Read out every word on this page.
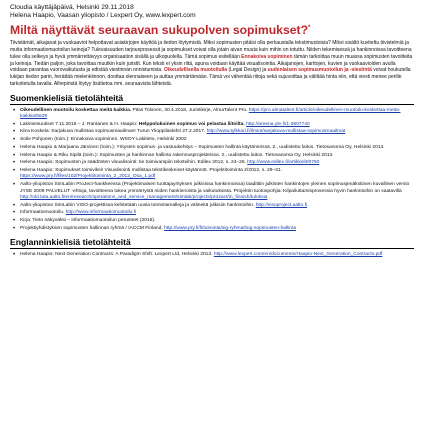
Cloudia käyttäjäpäivä, Helsinki 29.11.2018
Helena Haapio, Vaasan yliopisto / Lexpert Oy, www.lexpert.com
Miltä näyttävät seuraavan sukupolven sopimukset?*
Tiivistämät, aikajanat ja vuokaaviot helpottavat asiakirjojen käyttöä ja tiedon löytymistä. Miksi sopimusten pitäisi olla perkaustalla tekstimuotoisia? Miksi sisältö kuvitettu tiivistelmiä ja muita informaatiomuotoilun keinoja? Tulevaisuuden tarjousprosessit ja sopimukset voivat olla jotain aivan muuta kuin mihin on totuttu. Niiden tekemisessä ja hankinnoissa tavoitteena tulee olla selkeys ja hyvä ymmärrettävyys organisaation sisällä ja ulkopuolella. Tämä sopimus esitellään Ennakoiva sopiminen tämän tarkoittaa muun muassa sopimusten tavoitteita ja keinoja. Tiedän paljon, joka tavoittaa muutkin kuin juristit. Kun teksti ei yksin riitä, apuna voidaan käyttää visualisointia. Aikajanojen, karttojen, kuvien ja vuokaavioiden avulla voidaan parantaa vuorovaikutusta ja edistää viestinnän onnistumista. Oikeudellisella muotoilulla (Legal Design) ja uudenlaisen sopimusmuotoilun ja -viestintä voivat houkutella lukijan tiedon parin, herättää mielenkiinnon, doottaa olennaiseen ja auttaa ymmärtämään. Tämä voi vähentää riitoja sekä sujuvoittaa ja välittää hinta niin, että viesti menee perille tarkoitetulla tavalla. Alhepiristä löytyy lisätietoa mm. seuraavista lähteistä.
Suomenkielisiä tietolähteitä
• Oikeudellinen muotoilu koskettaa meitä kaikkia. Päivi Tolonen, 30.4.2018, Juristikirje, AlmaTalent Pro. https://pro.almatalent.fi/article/oikeudellinen-muotoilu-koskettaa-meita-kaikkia/5639
• Lakimiesuutiset 7.11.2016 – J. Rantanen & H. Haapio: Helppolukuinen sopimus voi pelastaa liitoilta. http://areena.yle.fi/1-3807740
• Kiira Koskela: Sarjakuva mullistaa sopimusmaailman! Turun Ylioppilaslehti 27.2.2017. http://www.tylkkari.fi/ilmiot/sarjakuva-mullistaa-sopimusmaailmat
• Soile Pohjonen (toim.): Ennakoiva sopiminen. WSOY Lakitieto, Helsinki 2002
• Helena Haapio & Marjaana Järvinen (toim.): Yritysten sopimus- ja vastuukehitys – Sopimusten hallinta käytännössä. 2., uudistettu laitos. Tietosanoma Oy, Helsinki 2014.
• Helena Haapio & Riku Sipilä (toim.): Sopimusten ja hankinnan hallinta rakennusprojekteissa. 2., uudistettu laitos. Tietosanoma Oy, Helsinki 2013.
• Helena Haapio: Sopimusten ja säädösten visualisointi: tie toimivampiin teksteihin. Edilex 2012, s. 24–26. http://www.edilex.fi/artikkelit/8760
• Helena Haapio: Sopimukset toimiviksi! Visualisointi mullistaa tekstikeskeiset käytännöt. Projektitoiminta 2/2012, s. 29–31. https://www.pry.fi/files/102/Projektitoiminta_2_2012_Osa_1.pdf
• Aalto-yliopiston SimLabin ProJect-hankkeessa (Projektimaisen tuottajayrityksen julkisissa hankinnoissa) laadittiin julkisten hankintojen yleinen sopimusjenäkstiinen kuvallinen versio JYSE 2009 PALVELUT -ehtoja, tavoitteena tukea ymmärrystä niiden hankinnoista ja vaikutuksista. Projektin tuotospohjia: Kilpailuttamisprosessia hyvin hankintoihin on saatavilla http://old.tuta.aalto.fi/en/research/operations_and_service_management/simlab/projects/pro2act/in_finnish/tuloksia
• Aalto-yliopiston SimLabin VISO-projektissa kehitetään uusia toimintamalleja ja välineitä julkisiin hankintoihin. http://visoproject.aalto.fi
• Informaatiomuotoilu. http://www.informaatiomuotoilu.fi
• Kirja: Tieto näkyväksi – informaatiomuotoilun perusteet (2016).
• Projektiyhdistyksen sopimusten hallinnan ryhmä / IACCM Finland. http://www.pry.fi/fi/toiminta/sig-ryhmat/sig-sopimusten-hallinta
Englanninkielisiä tietolähteitä
• Helena Haapio: Next Generation Contracts: A Paradigm Shift. Lexpert Ltd, Helsinki 2013. http://www.lexpert.com/en/documents/Haapio-Next_Generation_Contracts.pdf
